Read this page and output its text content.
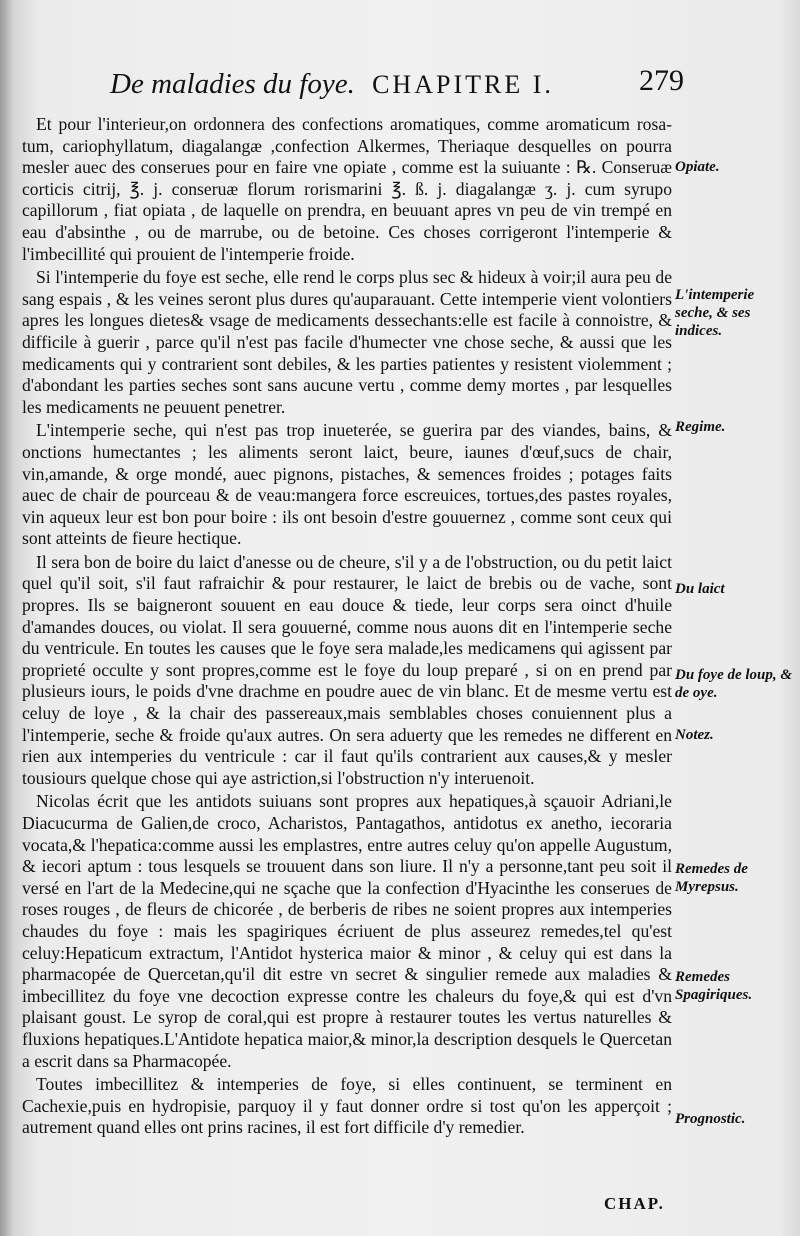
De maladies du foye. CHAPITRE I.	279

Et pour l'interieur,on ordonnera des confections aromatiques, comme aromaticum rosa- tum, cariophyllatum, diagalangæ ,confection Alkermes, Theriaque desquelles on pourra mesler auec des conserues pour en faire vne opiate , comme est la suiuante : ℞. Conseruæ corticis citrij, ℥. j. conseruæ florum rorismarini ℥. ß. j. diagalangæ ʒ. j. cum syrupo capillorum , fiat opiata , de laquelle on prendra, en beuuant apres vn peu de vin trempé en eau d'absinthe , ou de marrube, ou de betoine. Ces choses corrigeront l'intemperie & l'imbecillité qui prouient de l'intemperie froide.

Si l'intemperie du foye est seche, elle rend le corps plus sec & hideux à voir;il aura peu de sang espais , & les veines seront plus dures qu'auparauant. Cette intemperie vient volontiers apres les longues dietes& vsage de medicaments dessechants:elle est facile à connoistre, & difficile à guerir , parce qu'il n'est pas facile d'humecter vne chose seche, & aussi que les medicaments qui y contrarient sont debiles, & les parties patientes y resistent violemment ; d'abondant les parties seches sont sans aucune vertu , comme demy mortes , par lesquelles les medicaments ne peuuent penetrer.

L'intemperie seche, qui n'est pas trop inueterée, se guerira par des viandes, bains, & onctions humectantes ; les aliments seront laict, beure, iaunes d'œuf,sucs de chair, vin,amande, & orge mondé, auec pignons, pistaches, & semences froides ; potages faits auec de chair de pourceau & de veau:mangera force escreuices, tortues,des pastes royales, vin aqueux leur est bon pour boire : ils ont besoin d'estre gouuernez , comme sont ceux qui sont atteints de fieure hectique.

Il sera bon de boire du laict d'anesse ou de cheure, s'il y a de l'obstruction, ou du petit laict quel qu'il soit, s'il faut rafraichir & pour restaurer, le laict de brebis ou de vache, sont propres. Ils se baigneront souuent en eau douce & tiede, leur corps sera oinct d'huile d'amandes douces, ou violat. Il sera gouuerné, comme nous auons dit en l'intemperie seche du ventricule. En toutes les causes que le foye sera malade,les medicamens qui agissent par proprieté occulte y sont propres,comme est le foye du loup preparé , si on en prend par plusieurs iours, le poids d'vne drachme en poudre auec de vin blanc. Et de mesme vertu est celuy de loye , & la chair des passereaux,mais semblables choses conuiennent plus a l'intemperie, seche & froide qu'aux autres. On sera aduerty que les remedes ne different en rien aux intemperies du ventricule : car il faut qu'ils contrarient aux causes,& y mesler tousiours quelque chose qui aye astriction,si l'obstruction n'y interuenoit.

Nicolas écrit que les antidots suiuans sont propres aux hepatiques,à sçauoir Adriani,le Diacucurma de Galien,de croco, Acharistos, Pantagathos, antidotus ex anetho, iecoraria vocata,& l'hepatica:comme aussi les emplastres, entre autres celuy qu'on appelle Augustum, & iecori aptum : tous lesquels se trouuent dans son liure. Il n'y a personne,tant peu soit il versé en l'art de la Medecine,qui ne sçache que la confection d'Hyacinthe les conserues de roses rouges , de fleurs de chicorée , de berberis de ribes ne soient propres aux intemperies chaudes du foye : mais les spagiriques écriuent de plus asseurez remedes,tel qu'est celuy:Hepaticum extractum, l'Antidot hysterica maior & minor , & celuy qui est dans la pharmacopée de Quercetan,qu'il dit estre vn secret & singulier remede aux maladies & imbecillitez du foye vne decoction expresse contre les chaleurs du foye,& qui est d'vn plaisant goust. Le syrop de coral,qui est propre à restaurer toutes les vertus naturelles & fluxions hepatiques.L'Antidote hepatica maior,& minor,la description desquels le Quercetan a escrit dans sa Pharmacopée.

Toutes imbecillitez & intemperies de foye, si elles continuent, se terminent en Cachexie,puis en hydropisie, parquoy il y faut donner ordre si tost qu'on les apperçoit ; autrement quand elles ont prins racines, il est fort difficile d'y remedier.

Opiate.
L'intemperie seche, & ses indices.
Regime.
Du laict
Du foye de loup, & de oye.
Notez.
Remedes de Myrepsus.
Remedes Spagiriques.
Prognostic.
CHAP.
